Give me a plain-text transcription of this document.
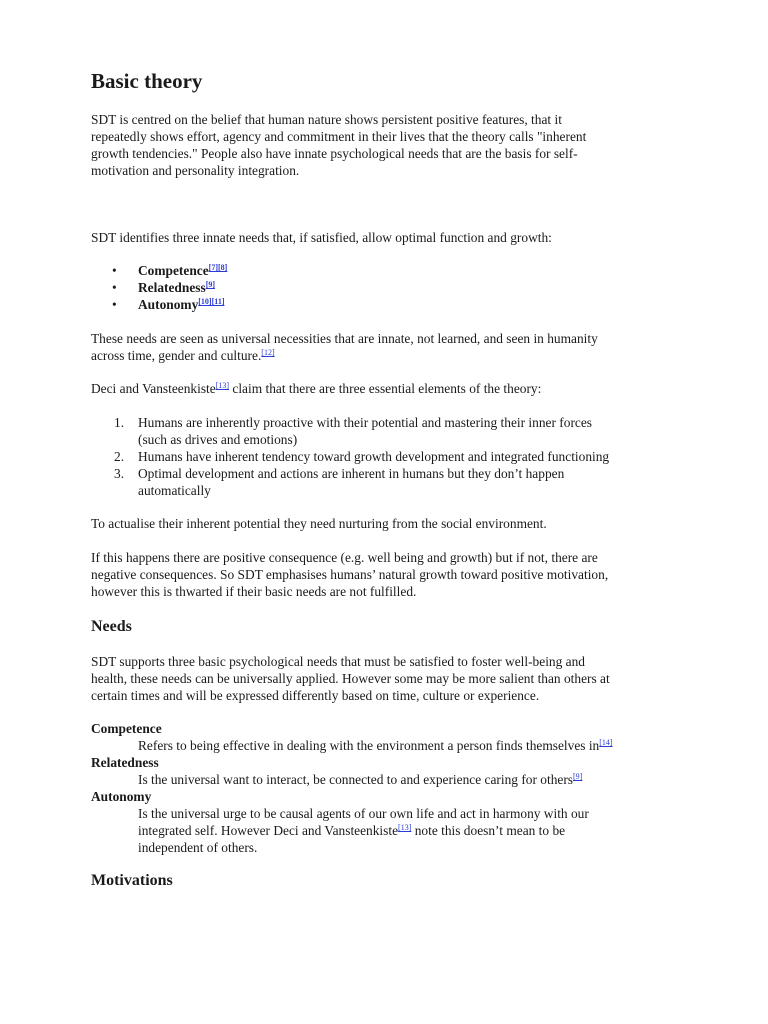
Basic theory

SDT is centred on the belief that human nature shows persistent positive features, that it
repeatedly shows effort, agency and commitment in their lives that the theory calls "inherent
growth tendencies." People also have innate psychological needs that are the basis for self-
motivation and personality integration.

SDT identifies three innate needs that, if satisfied, allow optimal function and growth:

• Competence[7][8]
• Relatedness[9]
• Autonomy[10][11]

These needs are seen as universal necessities that are innate, not learned, and seen in humanity
across time, gender and culture.[12]

Deci and Vansteenkiste[13] claim that there are three essential elements of the theory:

1. Humans are inherently proactive with their potential and mastering their inner forces
(such as drives and emotions)
2. Humans have inherent tendency toward growth development and integrated functioning
3. Optimal development and actions are inherent in humans but they don’t happen
automatically

To actualise their inherent potential they need nurturing from the social environment.

If this happens there are positive consequence (e.g. well being and growth) but if not, there are
negative consequences. So SDT emphasises humans’ natural growth toward positive motivation,
however this is thwarted if their basic needs are not fulfilled.

Needs

SDT supports three basic psychological needs that must be satisfied to foster well-being and
health, these needs can be universally applied. However some may be more salient than others at
certain times and will be expressed differently based on time, culture or experience.

Competence
Refers to being effective in dealing with the environment a person finds themselves in[14]
Relatedness
Is the universal want to interact, be connected to and experience caring for others[9]
Autonomy
Is the universal urge to be causal agents of our own life and act in harmony with our
integrated self. However Deci and Vansteenkiste[13] note this doesn’t mean to be
independent of others.
Motivations
